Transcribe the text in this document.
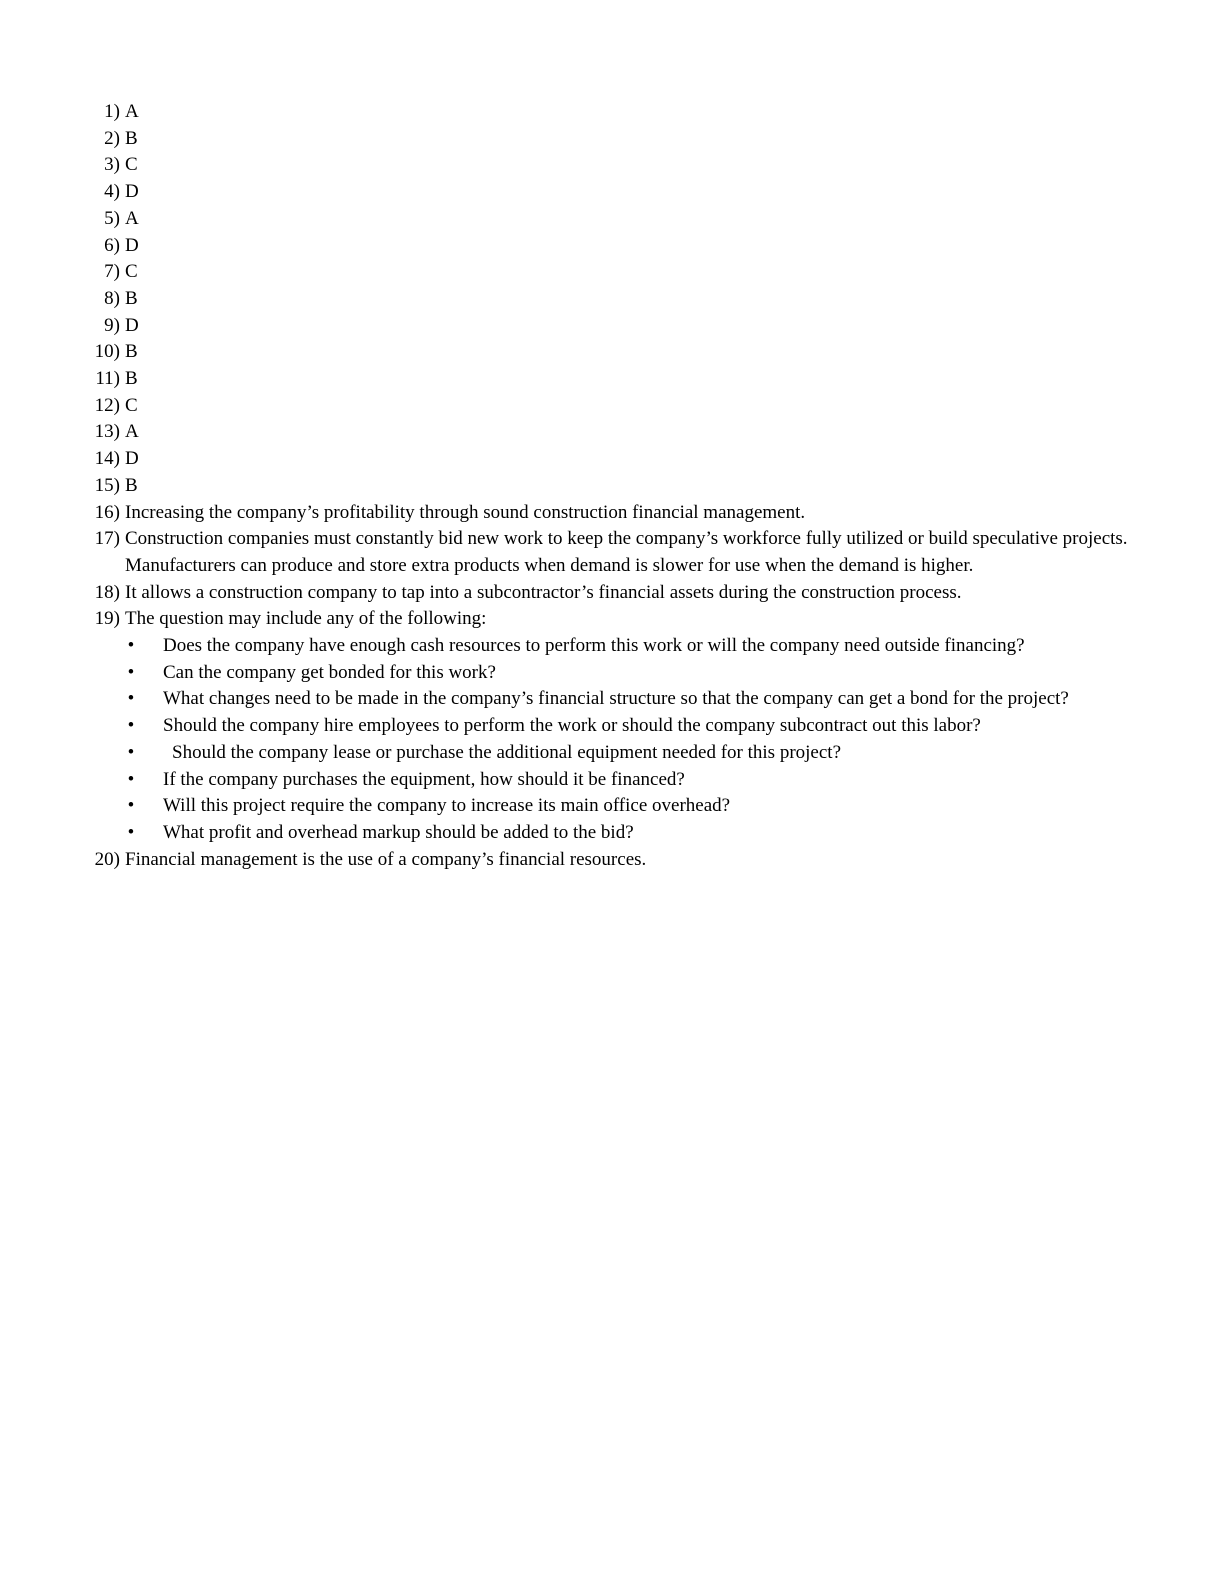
1) A
2) B
3) C
4) D
5) A
6) D
7) C
8) B
9) D
10) B
11) B
12) C
13) A
14) D
15) B
16) Increasing the company’s profitability through sound construction financial management.
17) Construction companies must constantly bid new work to keep the company’s workforce fully utilized or build speculative projects. Manufacturers can produce and store extra products when demand is slower for use when the demand is higher.
18) It allows a construction company to tap into a subcontractor’s financial assets during the construction process.
19) The question may include any of the following:
• Does the company have enough cash resources to perform this work or will the company need outside financing?
• Can the company get bonded for this work?
• What changes need to be made in the company’s financial structure so that the company can get a bond for the project?
• Should the company hire employees to perform the work or should the company subcontract out this labor?
• Should the company lease or purchase the additional equipment needed for this project?
• If the company purchases the equipment, how should it be financed?
• Will this project require the company to increase its main office overhead?
• What profit and overhead markup should be added to the bid?
20) Financial management is the use of a company’s financial resources.
